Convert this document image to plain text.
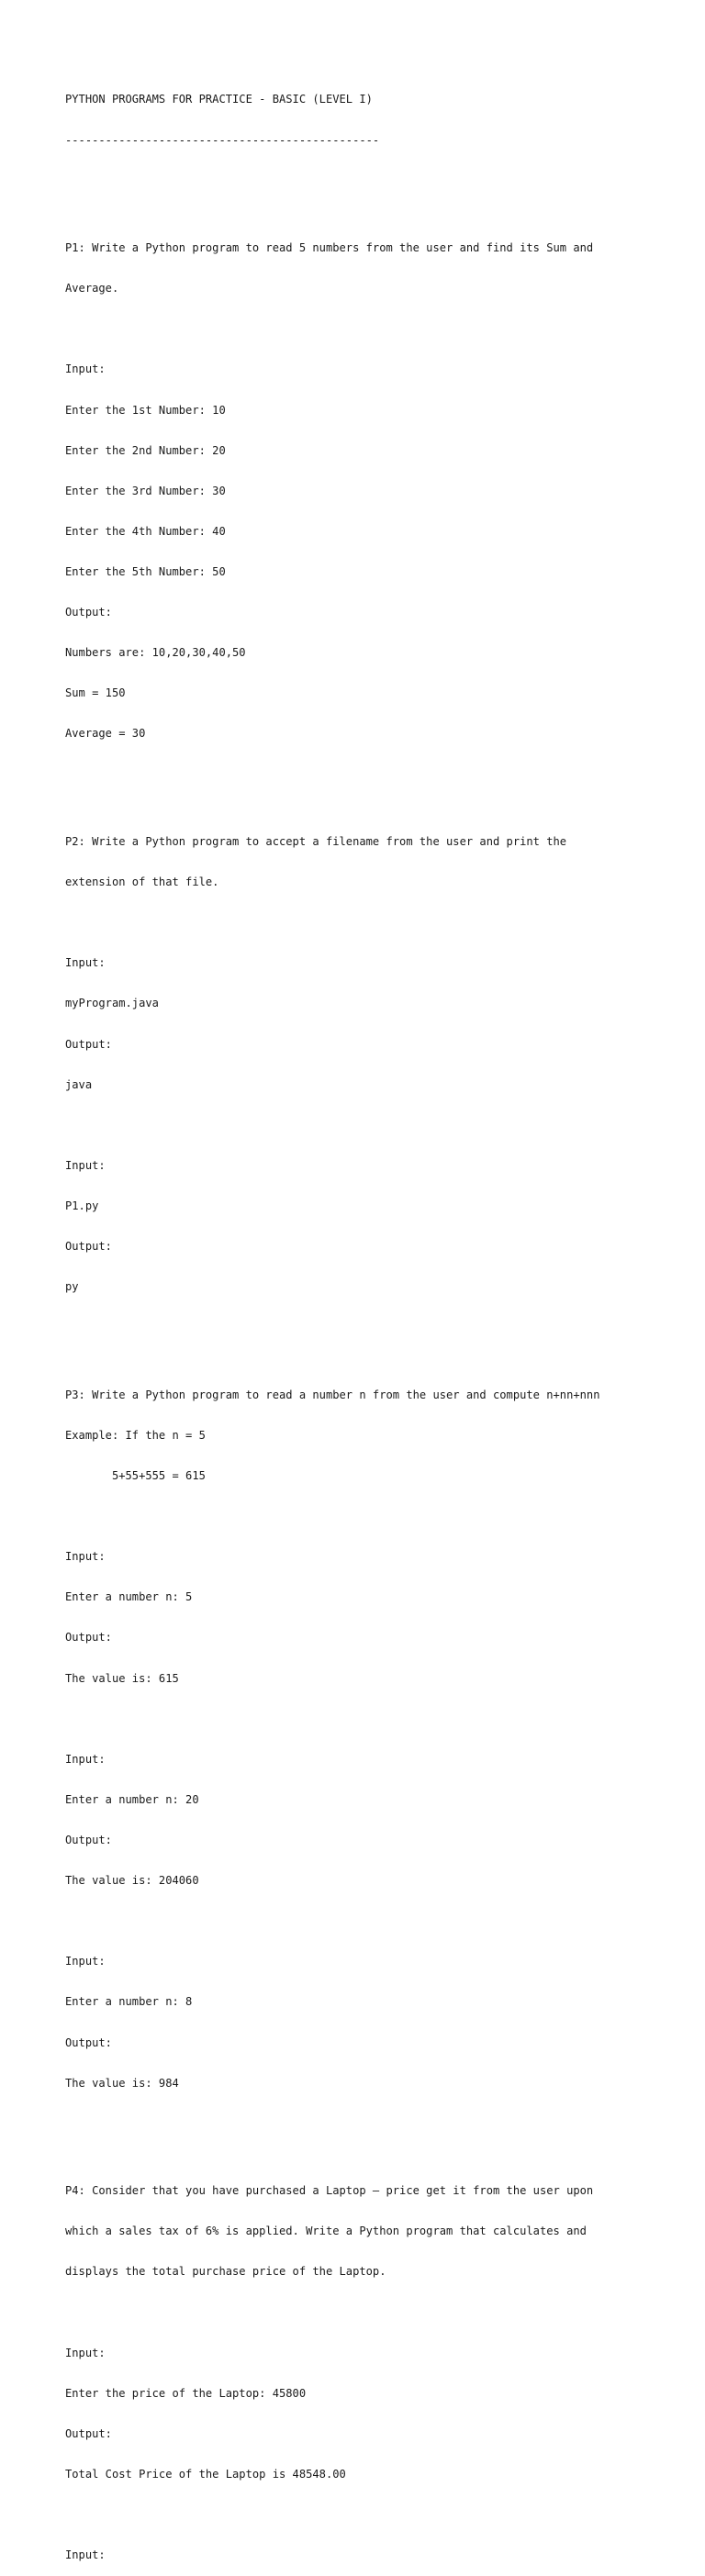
PYTHON PROGRAMS FOR PRACTICE - BASIC (LEVEL I)

-----------------------------------------------

P1: Write a Python program to read 5 numbers from the user and find its Sum and

Average.

Input:

Enter the 1st Number: 10

Enter the 2nd Number: 20

Enter the 3rd Number: 30

Enter the 4th Number: 40

Enter the 5th Number: 50

Output:

Numbers are: 10,20,30,40,50

Sum = 150

Average = 30

P2: Write a Python program to accept a filename from the user and print the

extension of that file.

Input:

myProgram.java

Output:

java

Input:

P1.py

Output:

py

P3: Write a Python program to read a number n from the user and compute n+nn+nnn

Example: If the n = 5

5+55+555 = 615

Input:

Enter a number n: 5

Output:

The value is: 615

Input:

Enter a number n: 20

Output:

The value is: 204060

Input:

Enter a number n: 8

Output:

The value is: 984

P4: Consider that you have purchased a Laptop – price get it from the user upon

which a sales tax of 6% is applied. Write a Python program that calculates and

displays the total purchase price of the Laptop.

Input:

Enter the price of the Laptop: 45800

Output:

Total Cost Price of the Laptop is 48548.00

Input:
